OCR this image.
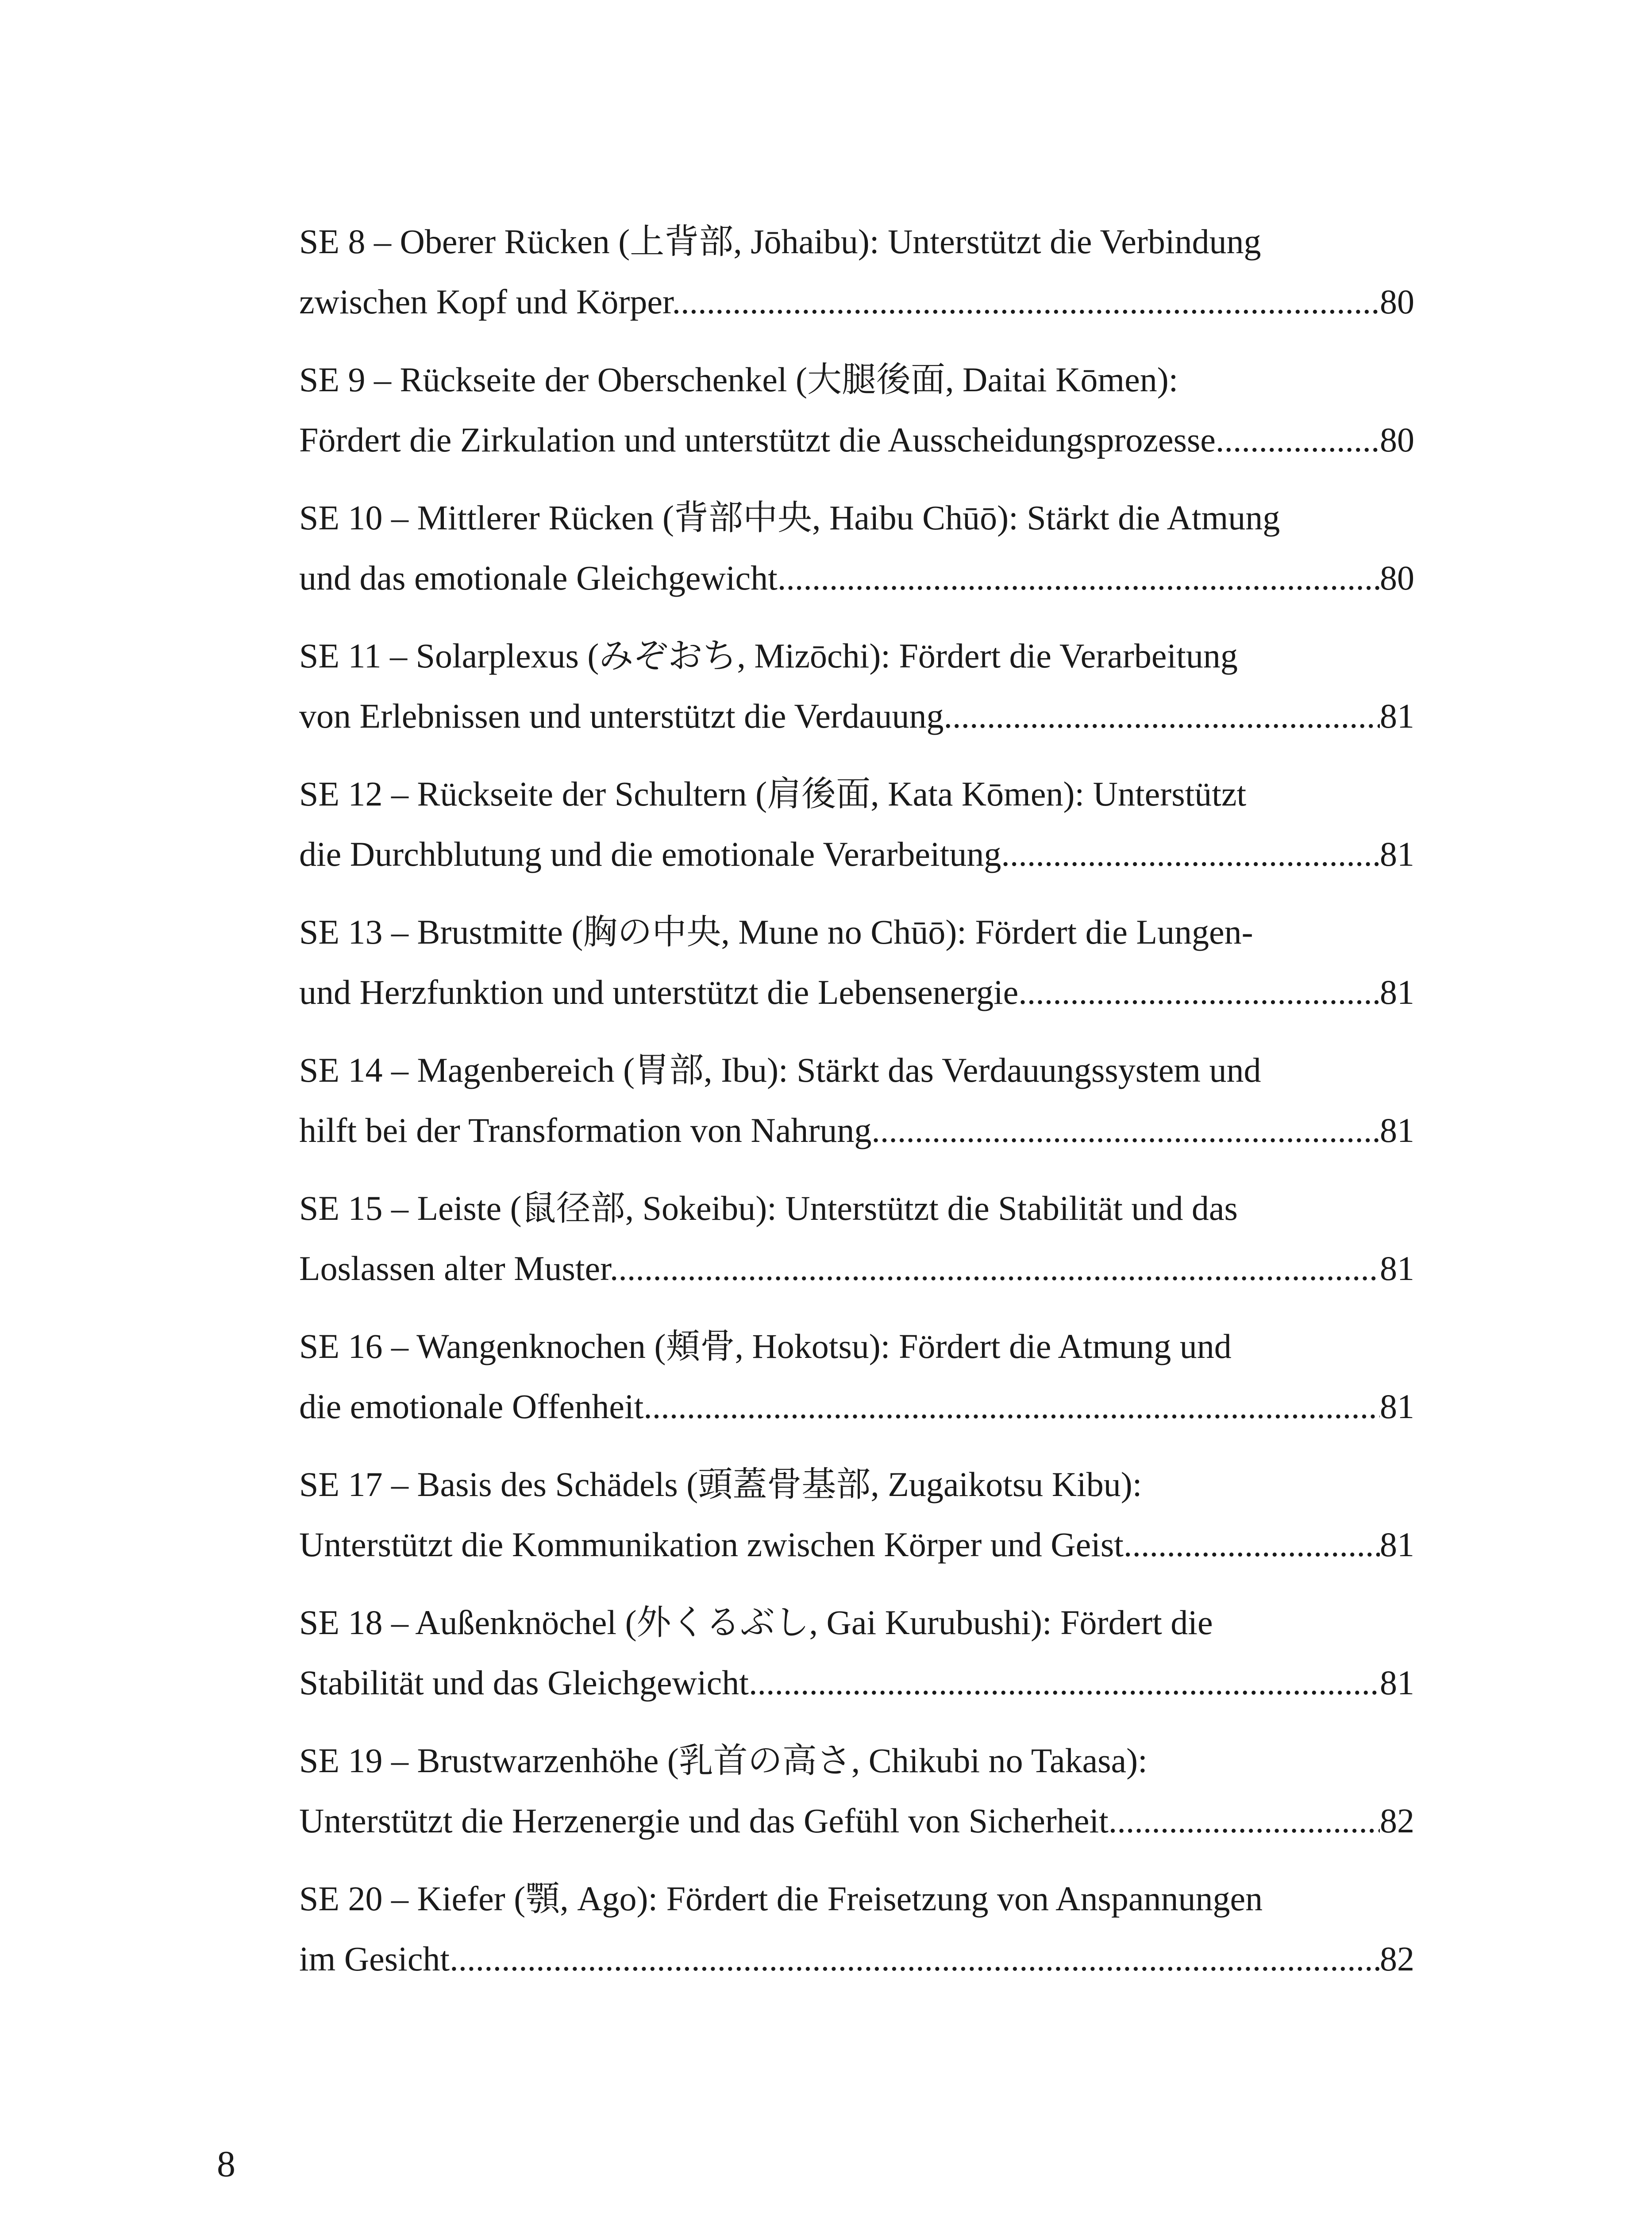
SE 8 – Oberer Rücken (上背部, Jōhaibu): Unterstützt die Verbindung
zwischen Kopf und Körper. .....	80
SE 9 – Rückseite der Oberschenkel (大腿後面, Daitai Kōmen):
Fördert die Zirkulation und unterstützt die Ausscheidungsprozesse. .....	80
SE 10 – Mittlerer Rücken (背部中央, Haibu Chūō): Stärkt die Atmung
und das emotionale Gleichgewicht. .....	80
SE 11 – Solarplexus (みぞおち, Mizōchi): Fördert die Verarbeitung
von Erlebnissen und unterstützt die Verdauung. .....	81
SE 12 – Rückseite der Schultern (肩後面, Kata Kōmen): Unterstützt
die Durchblutung und die emotionale Verarbeitung. .....	81
SE 13 – Brustmitte (胸の中央, Mune no Chūō): Fördert die Lungen-
und Herzfunktion und unterstützt die Lebensenergie. .....	81
SE 14 – Magenbereich (胃部, Ibu): Stärkt das Verdauungssystem und
hilft bei der Transformation von Nahrung. .....	81
SE 15 – Leiste (鼠径部, Sokeibu): Unterstützt die Stabilität und das
Loslassen alter Muster. .....	81
SE 16 – Wangenknochen (頬骨, Hokotsu): Fördert die Atmung und
die emotionale Offenheit. .....	81
SE 17 – Basis des Schädels (頭蓋骨基部, Zugaikotsu Kibu):
Unterstützt die Kommunikation zwischen Körper und Geist. .....	81
SE 18 – Außenknöchel (外くるぶし, Gai Kurubushi): Fördert die
Stabilität und das Gleichgewicht .....	81
SE 19 – Brustwarzenhöhe (乳首の高さ, Chikubi no Takasa):
Unterstützt die Herzenergie und das Gefühl von Sicherheit. .....	82
SE 20 – Kiefer (顎, Ago): Fördert die Freisetzung von Anspannungen
im Gesicht. .....	82
8
